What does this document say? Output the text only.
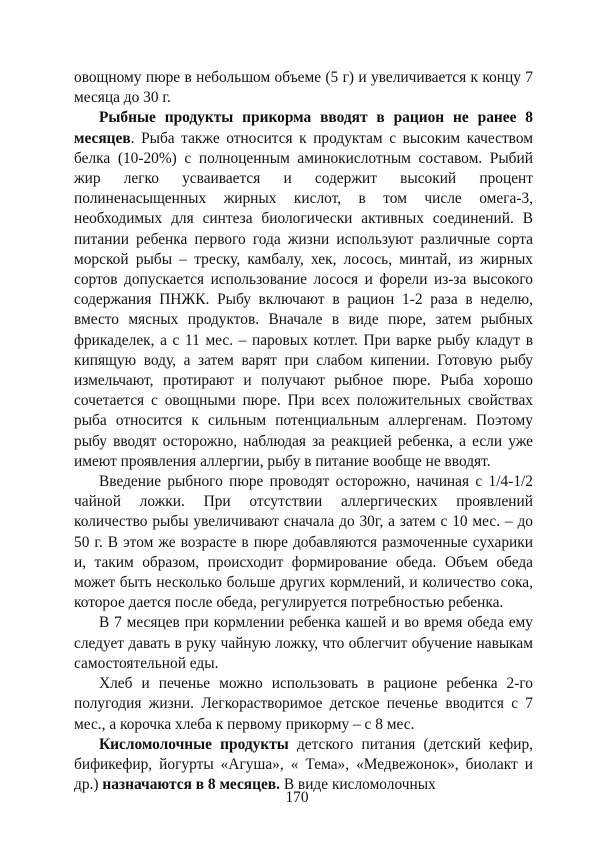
овощному пюре в небольшом объеме (5 г) и увеличивается к концу 7 месяца до 30 г.

Рыбные продукты прикорма вводят в рацион не ранее 8 месяцев. Рыба также относится к продуктам с высоким качеством белка (10-20%) с полноценным аминокислотным составом. Рыбий жир легко усваивается и содержит высокий процент полиненасыщенных жирных кислот, в том числе омега-3, необходимых для синтеза биологически активных соединений. В питании ребенка первого года жизни используют различные сорта морской рыбы – треску, камбалу, хек, лосось, минтай, из жирных сортов допускается использование лосося и форели из-за высокого содержания ПНЖК. Рыбу включают в рацион 1-2 раза в неделю, вместо мясных продуктов. Вначале в виде пюре, затем рыбных фрикаделек, а с 11 мес. – паровых котлет. При варке рыбу кладут в кипящую воду, а затем варят при слабом кипении. Готовую рыбу измельчают, протирают и получают рыбное пюре. Рыба хорошо сочетается с овощными пюре. При всех положительных свойствах рыба относится к сильным потенциальным аллергенам. Поэтому рыбу вводят осторожно, наблюдая за реакцией ребенка, а если уже имеют проявления аллергии, рыбу в питание вообще не вводят.

Введение рыбного пюре проводят осторожно, начиная с 1/4-1/2 чайной ложки. При отсутствии аллергических проявлений количество рыбы увеличивают сначала до 30г, а затем с 10 мес. – до 50 г. В этом же возрасте в пюре добавляются размоченные сухарики и, таким образом, происходит формирование обеда. Объем обеда может быть несколько больше других кормлений, и количество сока, которое дается после обеда, регулируется потребностью ребенка.

В 7 месяцев при кормлении ребенка кашей и во время обеда ему следует давать в руку чайную ложку, что облегчит обучение навыкам самостоятельной еды.

Хлеб и печенье можно использовать в рационе ребенка 2-го полугодия жизни. Легкорастворимое детское печенье вводится с 7 мес., а корочка хлеба к первому прикорму – с 8 мес.

Кисломолочные продукты детского питания (детский кефир, бификефир, йогурты «Агуша», « Тема», «Медвежонок», биолакт и др.) назначаются в 8 месяцев. В виде кисломолочных

170
